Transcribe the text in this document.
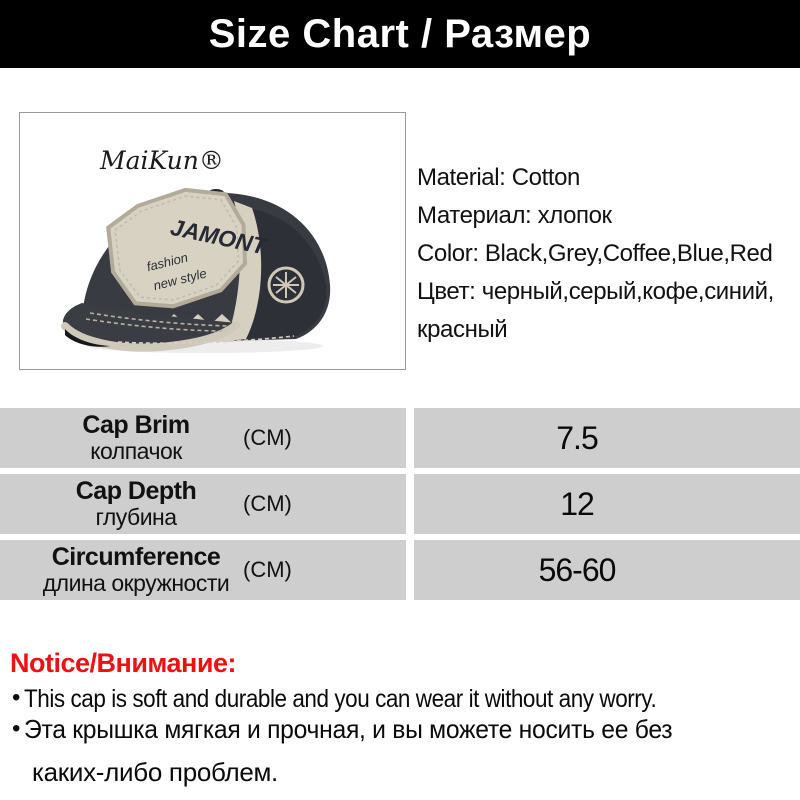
Size Chart / Размер
MaiKun®
JAMONT
fashion
new style
Material: Cotton
Материал: хлопок
Color: Black,Grey,Coffee,Blue,Red
Цвет: черный,серый,кофе,синий,
красный
Cap Brim
колпачок
(CM)	7.5
Cap Depth
глубина
(CM)	12
Circumference
длина окружности
(CM)	56-60
Notice/Внимание:
• This cap is soft and durable and you can wear it without any worry.
• Эта крышка мягкая и прочная, и вы можете носить ее без
каких-либо проблем.
